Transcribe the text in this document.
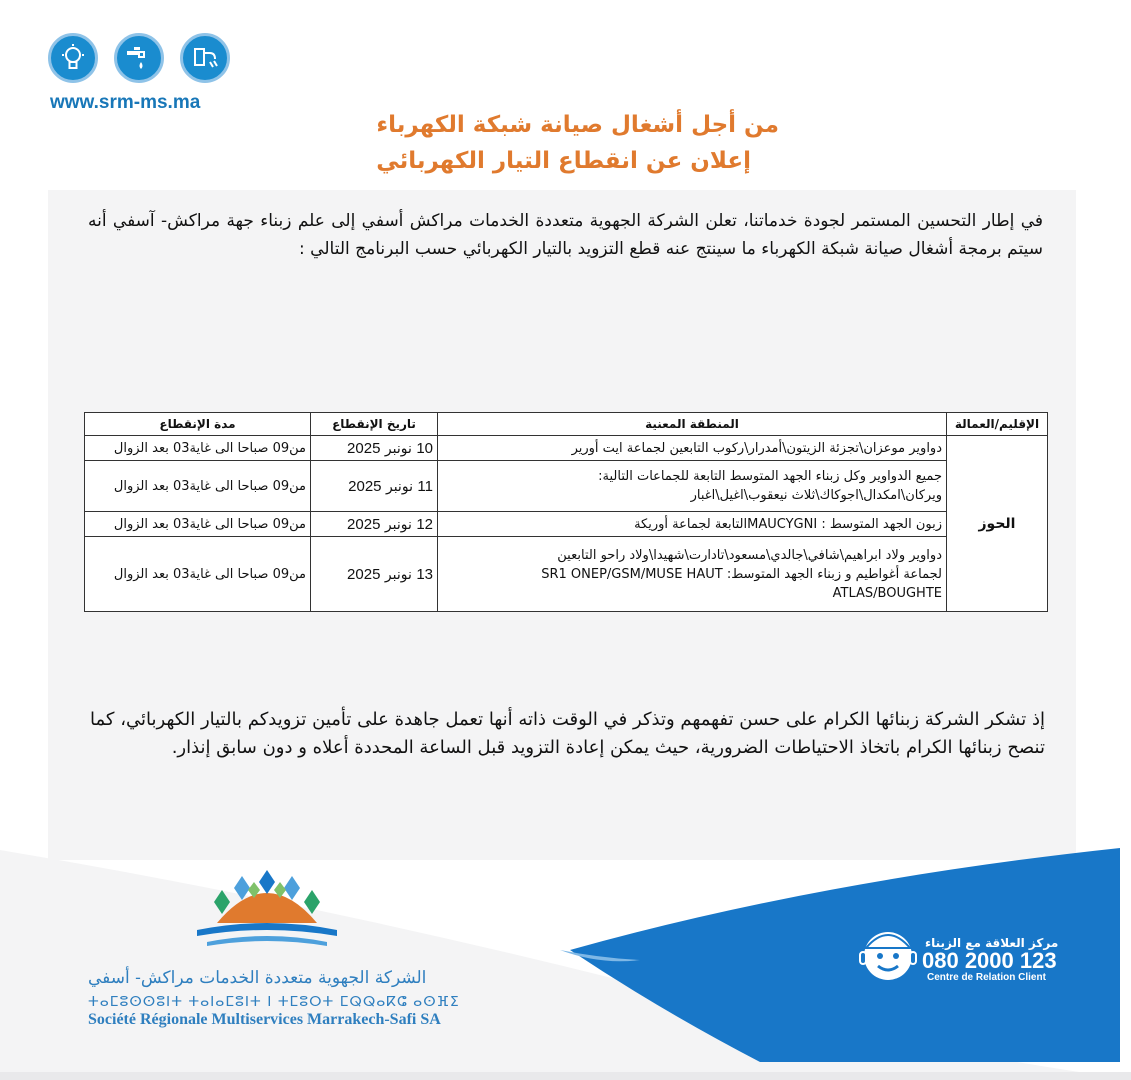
www.srm-ms.ma
من أجل أشغال صيانة شبكة الكهرباء
إعلان عن انقطاع التيار الكهربائي
في إطار التحسين المستمر لجودة خدماتنا، تعلن الشركة الجهوية متعددة الخدمات مراكش أسفي إلى علم زبناء جهة مراكش- آسفي أنه سيتم برمجة أشغال صيانة شبكة الكهرباء ما سينتج عنه قطع التزويد بالتيار الكهربائي حسب البرنامج التالي :
الإقليم/العمالة	المنطقة المعنية	تاريخ الإنقطاع	مدة الإنقطاع
الحوز	دواوير موعزان\تجزئة الزيتون\أمدرار\ركوب التابعين لجماعة ايت أورير	10 نونبر 2025	من09 صباحا الى غاية03 بعد الزوال

	جميع الدواوير وكل زبناء الجهد المتوسط التابعة للجماعات التالية:
ويركان\امكدال\اجوكاك\ثلاث نيعقوب\اغيل\اغبار	11 نونبر 2025	من09 صباحا الى غاية03 بعد الزوال

	زبون الجهد المتوسط : MAUCYGNIالتابعة لجماعة أوريكة	12 نونبر 2025	من09 صباحا الى غاية03 بعد الزوال

	دواوير ولاد ابراهيم\شافي\جالدي\مسعود\تادارت\شهيدا\ولاد راحو التابعين
لجماعة أغواطيم و زبناء الجهد المتوسط: SR1 ONEP/GSM/MUSE HAUT
ATLAS/BOUGHTE	13 نونبر 2025	من09 صباحا الى غاية03 بعد الزوال
إذ تشكر الشركة زبنائها الكرام على حسن تفهمهم وتذكر في الوقت ذاته أنها تعمل جاهدة على تأمين تزويدكم بالتيار الكهربائي، كما تنصح زبنائها الكرام باتخاذ الاحتياطات الضرورية، حيث يمكن إعادة التزويد قبل الساعة المحددة أعلاه و دون سابق إنذار.
الشركة الجهوية متعددة الخدمات مراكش- أسفي
ⵜⴰⵎⵓⵙⵙⵓⵏⵜ ⵜⴰⵏⴰⵎⵓⵏⵜ ⵏ ⵜⵎⵓⵔⵜ ⵎⵕⵕⴰⴽⵛ ⴰⵙⴼⵉ
Société Régionale Multiservices Marrakech-Safi SA
مركز العلاقة مع الزبناء
080 2000 123
Centre de Relation Client
